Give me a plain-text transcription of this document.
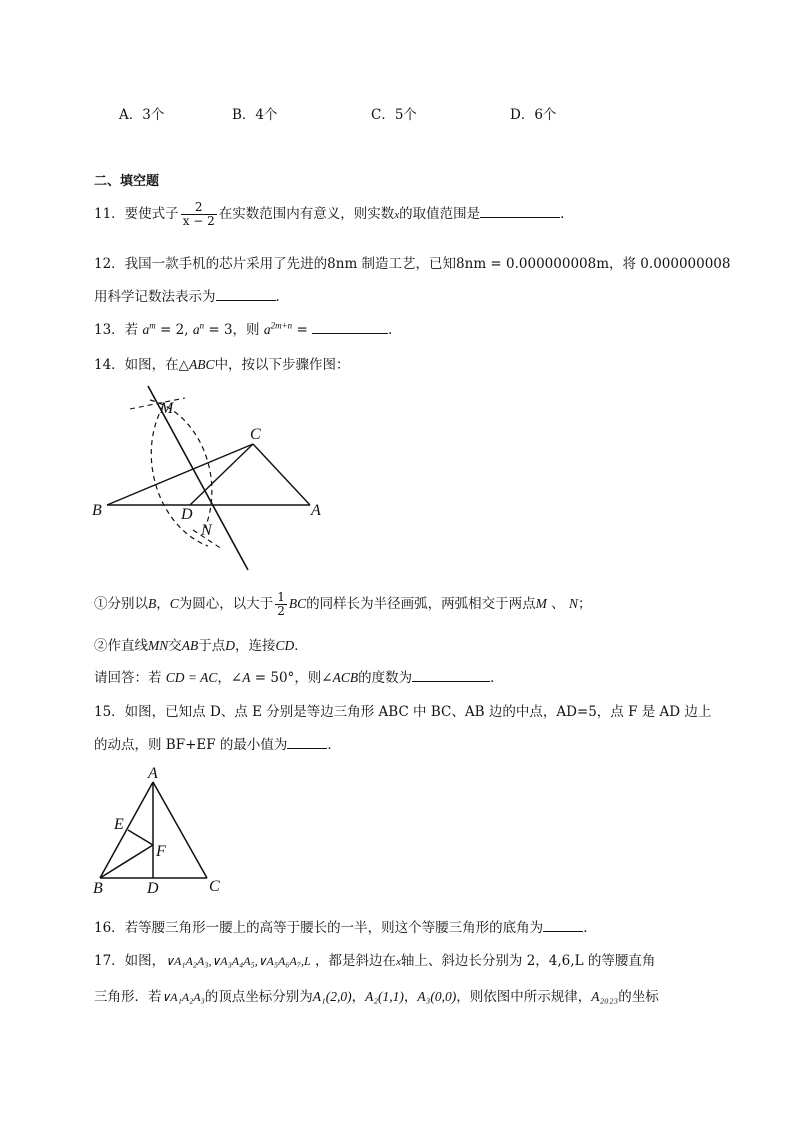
A．3个	B．4个	C．5个	D．6个
二、填空题
11．要使式子 $\frac{2}{x - 2}$ 在实数范围内有意义，则实数x的取值范围是	．
12．我国一款手机的芯片采用了先进的8nm 制造工艺，已知8nm = 0.000000008m，将 0.000000008
用科学记数法表示为	．
13．若 $a^m = 2$, $a^n = 3$，则 $a^{2m+n}$ =	．
14．如图，在△ABC中，按以下步骤作图：
M
C
B	D	A
N
①分别以B，C为圆心，以大于 $\frac{1}{2}$ BC的同样长为半径画弧，两弧相交于两点M 、 N；
②作直线MN交AB于点D，连接CD．
请回答：若 CD = AC，∠A = 50°，则∠ACB的度数为	．
15．如图，已知点 D、点 E 分别是等边三角形 ABC 中 BC、AB 边的中点，AD=5，点 F 是 AD 边上
的动点，则 BF+EF 的最小值为	．
A
E
F
B	D	C
16．若等腰三角形一腰上的高等于腰长的一半，则这个等腰三角形的底角为	．
17．如图，∨A₁A₂A₃,∨A₃A₄A₅,∨A₅A₆A₇,L ，都是斜边在x轴上、斜边长分别为 2，4,6,L 的等腰直角
三角形．若∨A₁A₂A₃的顶点坐标分别为A₁(2,0)，A₂(1,1)，A₃(0,0)，则依图中所示规律，A₂₀₂₃的坐标
